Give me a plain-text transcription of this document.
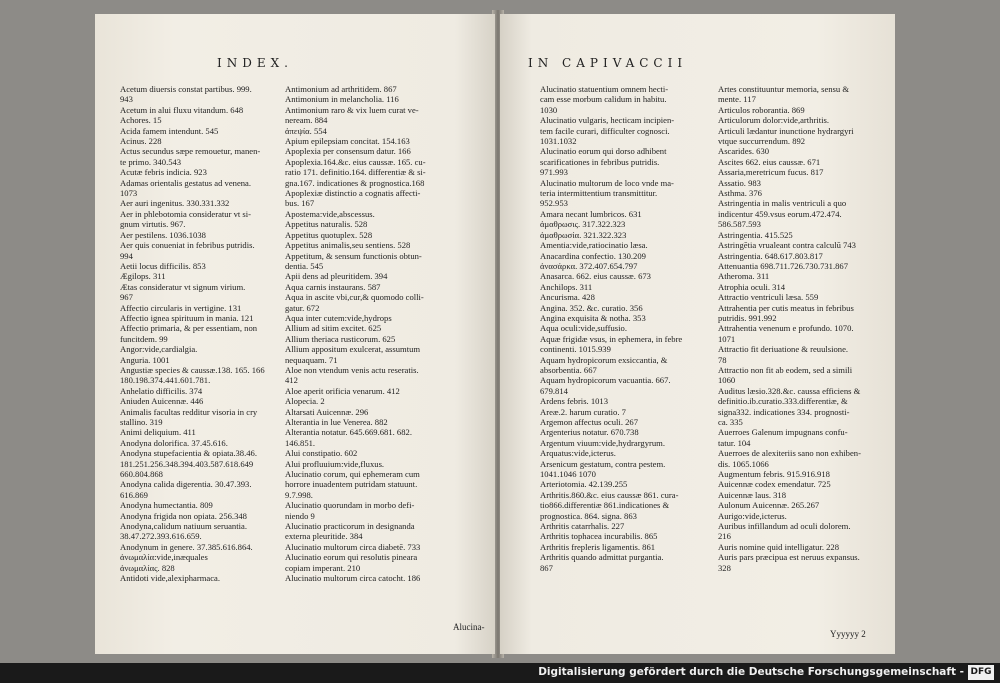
INDEX.
Acetum diuersis constat partibus. 999.
943
Acetum in alui fluxu vitandum. 648
Achores. 15
Acida famem intendunt. 545
Acinus. 228
Actus secundus sæpe remouetur, manen-
te primo. 340.543
Acutæ febris indicia. 923
Adamas orientalis gestatus ad venena.
1073
Aer auri ingenitus. 330.331.332
Aer in phlebotomia consideratur vt si-
gnum virtutis. 967.
Aer pestilens. 1036.1038
Aer quis conueniat in febribus putridis.
994
Aetii locus difficilis. 853
Ægilops. 311
Ætas consideratur vt signum virium.
967
Affectio circularis in vertigine. 131
Affectio ignea spirituum in mania. 121
Affectio primaria, & per essentiam, non
funcitdem. 99
Angor:vide,cardialgia.
Anguria. 1001
Angustiæ species & caussæ.138. 165. 166
180.198.374.441.601.781.
Anhelatio difficilis. 374
Aniuden Auicennæ. 446
Animalis facultas redditur visoria in cry
stallino. 319
Animi deliquium. 411
Anodyna dolorifica. 37.45.616.
Anodyna stupefacientia & opiata.38.46.
181.251.256.348.394.403.587.618.649
660.804.868
Anodyna calida digerentia. 30.47.393.
616.869
Anodyna humectantia. 809
Anodyna frigida non opiata. 256.348
Anodyna,calidum natiuum seruantia.
38.47.272.393.616.659.
Anodynum in genere. 37.385.616.864.
ἀνωμαλία:vide,inæquales
ἀνωμαλίας. 828
Antidoti vide,alexipharmaca.
Antimonium ad arthritidem. 867
Antimonium in melancholia. 116
Antimonium raro & vix luem curat ve-
neream. 884
ἀπεψία. 554
Apium epilepsiam concitat. 154.163
Apoplexia per consensum datur. 166
Apoplexia.164.&c. eius caussæ. 165. cu-
ratio 171. definitio.164. differentiæ & si-
gna.167. indicationes & prognostica.168
Apoplexiæ distinctio a cognatis affecti-
bus. 167
Apostema:vide,abscessus.
Appetitus naturalis. 528
Appetitus quotuplex. 528
Appetitus animalis,seu sentiens. 528
Appetitum, & sensum functionis obtun-
dentia. 545
Apii dens ad pleuritidem. 394
Aqua carnis instaurans. 587
Aqua in ascite vbi,cur,& quomodo colli-
gatur. 672
Aqua inter cutem:vide,hydrops
Allium ad sitim excitet. 625
Allium theriaca rusticorum. 625
Allium appositum exulcerat, assumtum
nequaquam. 71
Aloe non vtendum venis actu reseratis.
412
Aloe aperit orificia venarum. 412
Alopecia. 2
Altarsati Auicennæ. 296
Alterantia in lue Venerea. 882
Alterantia notatur. 645.669.681. 682.
146.851.
Alui constipatio. 602
Alui profluuium:vide,fluxus.
Alucinatio corum, qui ephemeram cum
horrore inuadentem putridam statuunt.
9.7.998.
Alucinatio quorundam in morbo defi-
niendo 9
Alucinatio practicorum in designanda
externa pleuritide. 384
Alucinatio multorum circa diabetē. 733
Alucinatio eorum qui resolutis pineara
copiam imperant. 210
Alucinatio multorum circa catocht. 186
Alucina-
IN CAPIVACCII
Alucinatio statuentium omnem hecti-
cam esse morbum calidum in habitu.
1030
Alucinatio vulgaris, hecticam incipien-
tem facile curari, difficulter cognosci.
1031.1032
Alucinatio eorum qui dorso adhibent
scarificationes in febribus putridis.
971.993
Alucinatio multorum de loco vnde ma-
teria intermittentium transmittitur.
952.953
Amara necant lumbricos. 631
ἀμαθρωσις. 317.322.323
ἀμαθρωσία. 321.322.323
Amentia:vide,ratiocinatio læsa.
Anacardina confectio. 130.209
ἀνασάρκα. 372.407.654.797
Anasarca. 662. eius caussæ. 673
Anchilops. 311
Ancurisma. 428
Angina. 352. &c. curatio. 356
Angina exquisita & notha. 353
Aqua oculi:vide,suffusio.
Aquæ frigidæ vsus, in ephemera, in febre
continenti. 1015.939
Aquam hydropicorum exsiccantia, &
absorbentia. 667
Aquam hydropicorum vacuantia. 667.
679.814
Ardens febris. 1013
Areæ.2. harum curatio. 7
Argemon affectus oculi. 267
Argenterius notatur. 670.738
Argentum viuum:vide,hydrargyrum.
Arquatus:vide,icterus.
Arsenicum gestatum, contra pestem.
1041.1046 1070
Arteriotomia. 42.139.255
Arthritis.860.&c. eius caussæ 861. cura-
tio866.differentiæ 861.indicationes &
prognostica. 864. signa. 863
Arthritis catarrhalis. 227
Arthritis tophacea incurabilis. 865
Arthritis frepleris ligamentis. 861
Arthritis quando admittat purgantia.
867
Artes constituuntur memoria, sensu &
mente. 117
Articulos roborantia. 869
Articulorum dolor:vide,arthritis.
Articuli lædantur inunctione hydrargyri
vtque succurrendum. 892
Ascarides. 630
Ascites 662. eius caussæ. 671
Assaria,meretricum fucus. 817
Assatio. 983
Asthma. 376
Astringentia in malis ventriculi a quo
indicentur 459.vsus eorum.472.474.
586.587.593
Astringentia. 415.525
Astringētia vrualeant contra calculū 743
Astringentia. 648.617.803.817
Attenuantia 698.711.726.730.731.867
Atheroma. 311
Atrophia oculi. 314
Attractio ventriculi læsa. 559
Attrahentia per cutis meatus in febribus
putridis. 991.992
Attrahentia venenum e profundo. 1070.
1071
Attractio fit deriuatione & reuulsione.
78
Attractio non fit ab eodem, sed a simili
1060
Auditus læsio.328.&c. caussa efficiens &
definitio.ib.curatio.333.differentiæ, &
signa332. indicationes 334. prognosti-
ca. 335
Auerroes Galenum impugnans confu-
tatur. 104
Auerroes de alexiteriis sano non exhiben-
dis. 1065.1066
Augmentum febris. 915.916.918
Auicennæ codex emendatur. 725
Auicennæ laus. 318
Aulonum Auicennæ. 265.267
Aurigo:vide,icterus.
Auribus infillandum ad oculi dolorem.
216
Auris nomine quid intelligatur. 228
Auris pars præcipua est neruus expansus.
328
Yyyyyy 2
Digitalisierung gefördert durch die Deutsche Forschungsgemeinschaft - DFG
